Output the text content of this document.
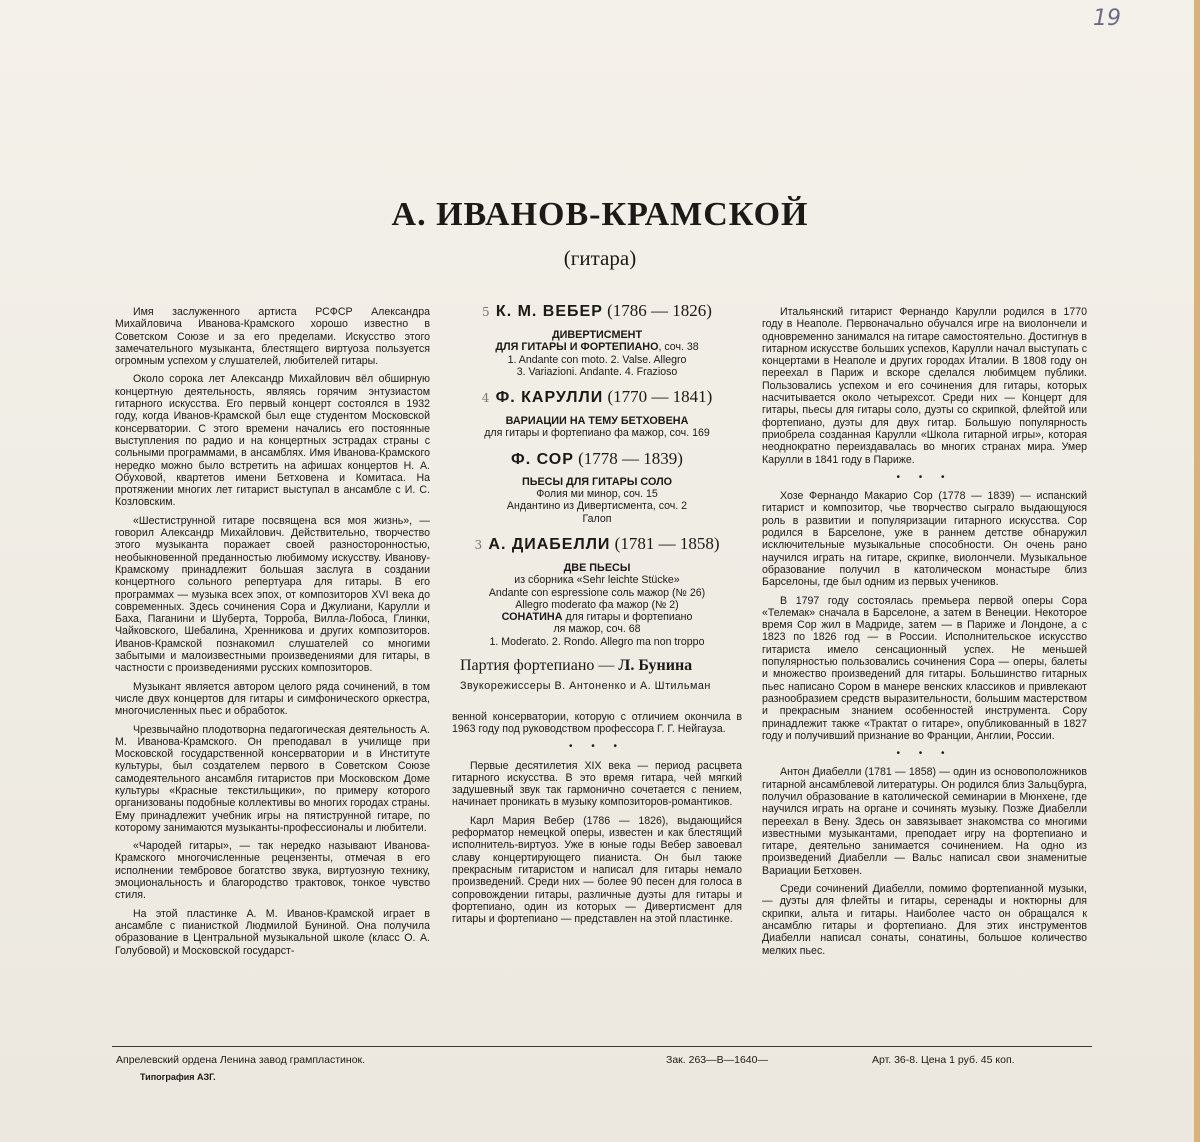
19
А. ИВАНОВ-КРАМСКОЙ
(гитара)

Имя заслуженного артиста РСФСР Александра Михайловича Иванова-Крамского хорошо известно в Советском Союзе и за его пределами. Искусство этого замечательного музыканта, блестящего виртуоза пользуется огромным успехом у слушателей, любителей гитары.

Около сорока лет Александр Михайлович вёл обширную концертную деятельность, являясь горячим энтузиастом гитарного искусства. Его первый концерт состоялся в 1932 году, когда Иванов-Крамской был еще студентом Московской консерватории. С этого времени начались его постоянные выступления по радио и на концертных эстрадах страны с сольными программами, в ансамблях. Имя Иванова-Крамского нередко можно было встретить на афишах концертов Н. А. Обуховой, квартетов имени Бетховена и Комитаса. На протяжении многих лет гитарист выступал в ансамбле с И. С. Козловским.

«Шестиструнной гитаре посвящена вся моя жизнь», — говорил Александр Михайлович. Действительно, творчество этого музыканта поражает своей разносторонностью, необыкновенной преданностью любимому искусству. Иванову-Крамскому принадлежит большая заслуга в создании концертного сольного репертуара для гитары. В его программах — музыка всех эпох, от композиторов XVI века до современных. Здесь сочинения Сора и Джулиани, Карулли и Баха, Паганини и Шуберта, Торроба, Вилла-Лобоса, Глинки, Чайковского, Шебалина, Хренникова и других композиторов. Иванов-Крамской познакомил слушателей со многими забытыми и малоизвестными произведениями для гитары, в частности с произведениями русских композиторов.

Музыкант является автором целого ряда сочинений, в том числе двух концертов для гитары и симфонического оркестра, многочисленных пьес и обработок.

Чрезвычайно плодотворна педагогическая деятельность А. М. Иванова-Крамского. Он преподавал в училище при Московской государственной консерватории и в Институте культуры, был создателем первого в Советском Союзе самодеятельного ансамбля гитаристов при Московском Доме культуры «Красные текстильщики», по примеру которого организованы подобные коллективы во многих городах страны. Ему принадлежит учебник игры на пятиструнной гитаре, по которому занимаются музыканты-профессионалы и любители.

«Чародей гитары», — так нередко называют Иванова-Крамского многочисленные рецензенты, отмечая в его исполнении тембровое богатство звука, виртуозную технику, эмоциональность и благородство трактовок, тонкое чувство стиля.

На этой пластинке А. М. Иванов-Крамской играет в ансамбле с пианисткой Людмилой Буниной. Она получила образование в Центральной музыкальной школе (класс О. А. Голубовой) и Московской государст-

5 К. М. ВЕБЕР (1786 — 1826)
ДИВЕРТИСМЕНТ
ДЛЯ ГИТАРЫ И ФОРТЕПИАНО, соч. 38
1. Andante con moto. 2. Valse. Allegro
3. Variazioni. Andante. 4. Frazioso
4 Ф. КАРУЛЛИ (1770 — 1841)
ВАРИАЦИИ НА ТЕМУ БЕТХОВЕНА
для гитары и фортепиано фа мажор, соч. 169
Ф. СОР (1778 — 1839)
ПЬЕСЫ ДЛЯ ГИТАРЫ СОЛО
Фолия ми минор, соч. 15
Андантино из Дивертисмента, соч. 2
Галоп
3 А. ДИАБЕЛЛИ (1781 — 1858)
ДВЕ ПЬЕСЫ
из сборника «Sehr leichte Stücke»
Andante con espressione соль мажор (№ 26)
Allegro moderato фа мажор (№ 2)
СОНАТИНА для гитары и фортепиано
ля мажор, соч. 68
1. Moderato. 2. Rondo. Allegro ma non troppo
Партия фортепиано — Л. Бунина
Звукорежиссеры В. Антоненко и А. Штильман

венной консерватории, которую с отличием окончила в 1963 году под руководством профессора Г. Г. Нейгауза.

• • •

Первые десятилетия XIX века — период расцвета гитарного искусства. В это время гитара, чей мягкий задушевный звук так гармонично сочетается с пением, начинает проникать в музыку композиторов-романтиков.

Карл Мария Вебер (1786 — 1826), выдающийся реформатор немецкой оперы, известен и как блестящий исполнитель-виртуоз. Уже в юные годы Вебер завоевал славу концертирующего пианиста. Он был также прекрасным гитаристом и написал для гитары немало произведений. Среди них — более 90 песен для голоса в сопровождении гитары, различные дуэты для гитары и фортепиано, один из которых — Дивертисмент для гитары и фортепиано — представлен на этой пластинке.

Итальянский гитарист Фернандо Карулли родился в 1770 году в Неаполе. Первоначально обучался игре на виолончели и одновременно занимался на гитаре самостоятельно. Достигнув в гитарном искусстве больших успехов, Карулли начал выступать с концертами в Неаполе и других городах Италии. В 1808 году он переехал в Париж и вскоре сделался любимцем публики. Пользовались успехом и его сочинения для гитары, которых насчитывается около четырехсот. Среди них — Концерт для гитары, пьесы для гитары соло, дуэты со скрипкой, флейтой или фортепиано, дуэты для двух гитар. Большую популярность приобрела созданная Карулли «Школа гитарной игры», которая неоднократно переиздавалась во многих странах мира. Умер Карулли в 1841 году в Париже.

• • •

Хозе Фернандо Макарио Сор (1778 — 1839) — испанский гитарист и композитор, чье творчество сыграло выдающуюся роль в развитии и популяризации гитарного искусства. Сор родился в Барселоне, уже в раннем детстве обнаружил исключительные музыкальные способности. Он очень рано научился играть на гитаре, скрипке, виолончели. Музыкальное образование получил в католическом монастыре близ Барселоны, где был одним из первых учеников.

В 1797 году состоялась премьера первой оперы Сора «Телемак» сначала в Барселоне, а затем в Венеции. Некоторое время Сор жил в Мадриде, затем — в Париже и Лондоне, а с 1823 по 1826 год — в России. Исполнительское искусство гитариста имело сенсационный успех. Не меньшей популярностью пользовались сочинения Сора — оперы, балеты и множество произведений для гитары. Большинство гитарных пьес написано Сором в манере венских классиков и привлекают разнообразием средств выразительности, большим мастерством и прекрасным знанием особенностей инструмента. Сору принадлежит также «Трактат о гитаре», опубликованный в 1827 году и получивший признание во Франции, Англии, России.

• • •

Антон Диабелли (1781 — 1858) — один из основоположников гитарной ансамблевой литературы. Он родился близ Зальцбурга, получил образование в католической семинарии в Мюнхене, где научился играть на органе и сочинять музыку. Позже Диабелли переехал в Вену. Здесь он завязывает знакомства со многими известными музыкантами, преподает игру на фортепиано и гитаре, деятельно занимается сочинением. На одно из произведений Диабелли — Вальс написал свои знаменитые Вариации Бетховен.

Среди сочинений Диабелли, помимо фортепианной музыки, — дуэты для флейты и гитары, серенады и ноктюрны для скрипки, альта и гитары. Наиболее часто он обращался к ансамблю гитары и фортепиано. Для этих инструментов Диабелли написал сонаты, сонатины, большое количество мелких пьес.

Апрелевский ордена Ленина завод грампластинок.	Зак. 263—В—1640—	Арт. 36-8. Цена 1 руб. 45 коп.
Типография АЗГ.
